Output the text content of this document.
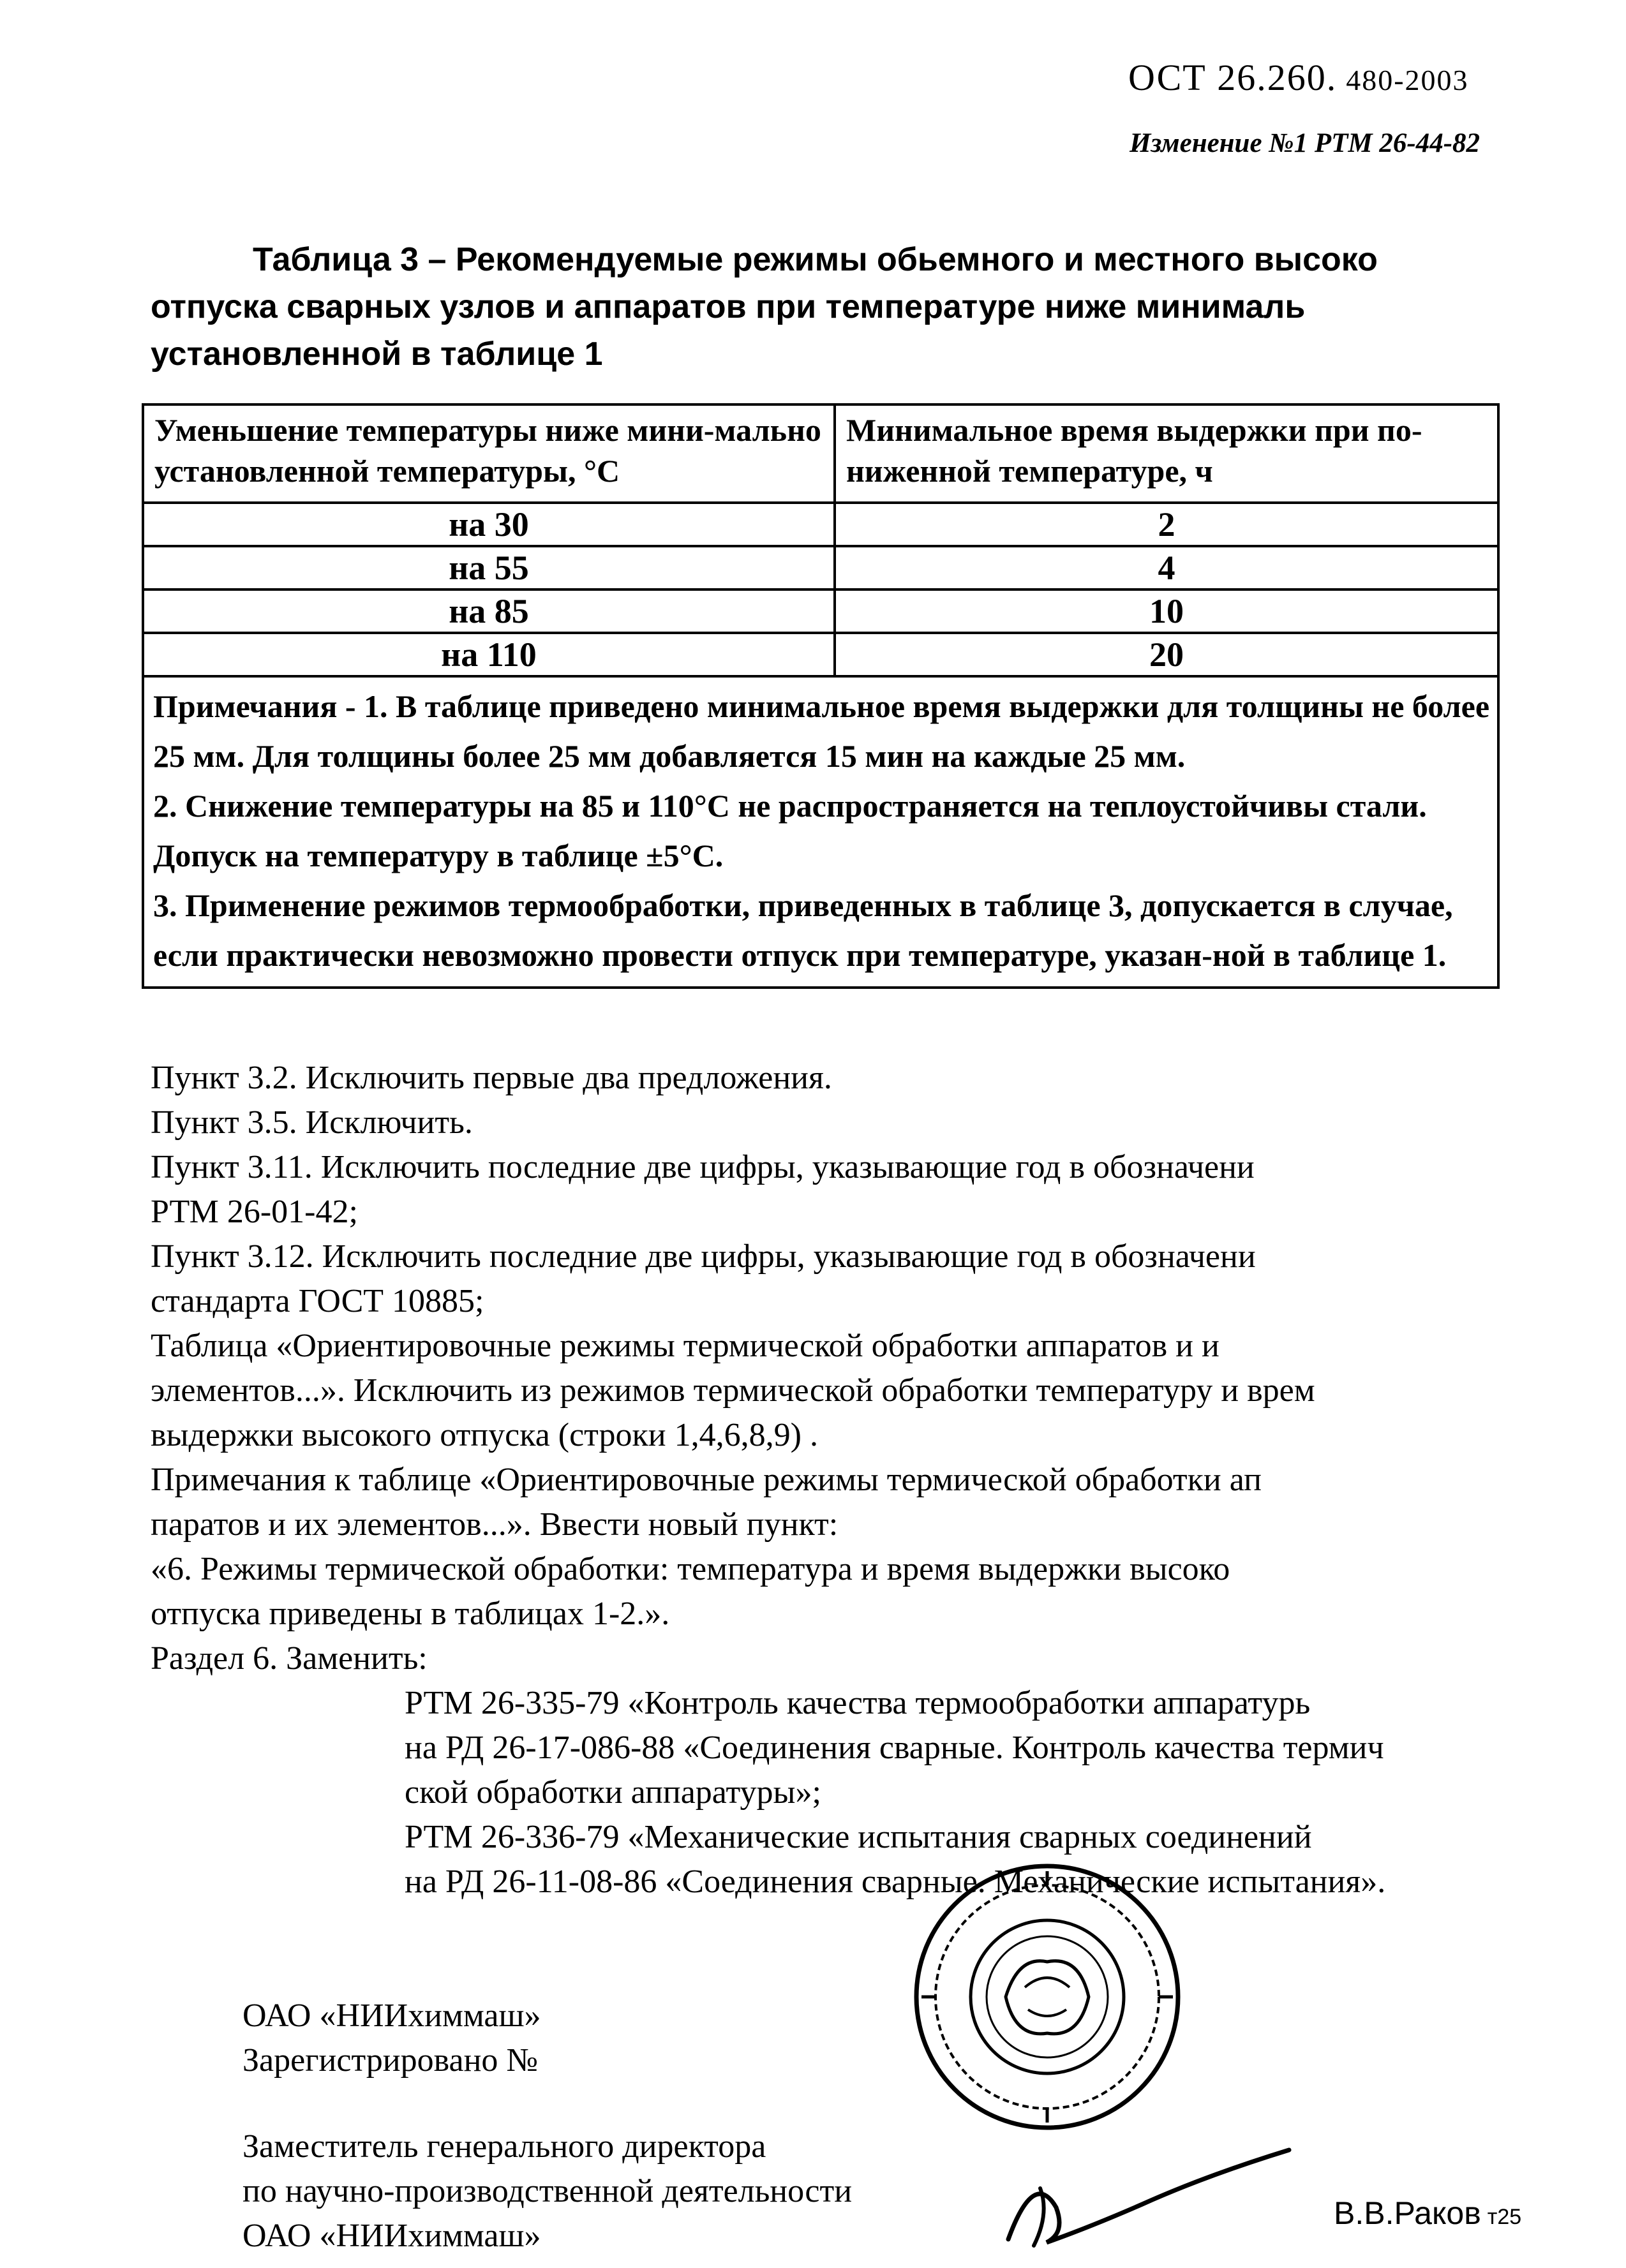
ОСТ 26.260. 480-2003
Изменение №1 РТМ 26-44-82
Таблица 3 – Рекомендуемые режимы обьемного и местного высоко
отпуска сварных узлов и аппаратов при температуре ниже минималь
установленной в таблице 1
Уменьшение температуры ниже мини-мально установленной температуры, °С	Минимальное время выдержки при по-ниженной температуре, ч
на 30	2
на 55	4
на 85	10
на 110	20

Примечания - 1. В таблице приведено минимальное время выдержки для толщины не более 25 мм. Для толщины более 25 мм добавляется 15 мин на каждые 25 мм.

2. Снижение температуры на 85 и 110°С не распространяется на теплоустойчивы стали. Допуск на температуру в таблице ±5°С.

3. Применение режимов термообработки, приведенных в таблице 3, допускается в случае, если практически невозможно провести отпуск при температуре, указан-ной в таблице 1.	

Пункт 3.2. Исключить первые два предложения.

Пункт 3.5. Исключить.

Пункт 3.11. Исключить последние две цифры, указывающие год в обозначени

РТМ 26-01-42;

Пункт 3.12. Исключить последние две цифры, указывающие год в обозначени

стандарта ГОСТ 10885;

Таблица «Ориентировочные режимы термической обработки аппаратов и и

элементов...». Исключить из режимов термической обработки температуру и врем

выдержки высокого отпуска (строки 1,4,6,8,9) .

Примечания к таблице «Ориентировочные режимы термической обработки ап

паратов и их элементов...». Ввести новый пункт:

«6. Режимы термической обработки: температура и время выдержки высоко

отпуска приведены в таблицах 1-2.».

Раздел 6. Заменить:

РТМ 26-335-79 «Контроль качества термообработки аппаратурь

на РД 26-17-086-88 «Соединения сварные. Контроль качества термич

ской обработки аппаратуры»;

РТМ 26-336-79 «Механические испытания сварных соединений

на РД 26-11-08-86 «Соединения сварные. Механические испытания».

ОАО «НИИхиммаш»

Зарегистрировано №

Заместитель генерального директора

по научно-производственной деятельности

ОАО «НИИхиммаш»

В.В.Раков т25
